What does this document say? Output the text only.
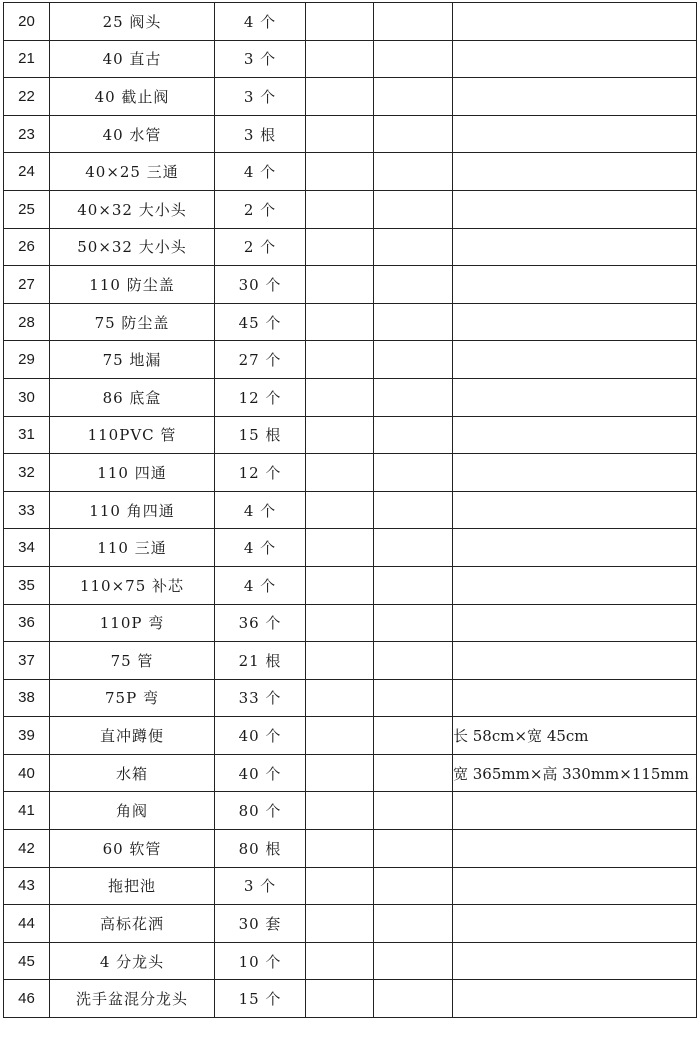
20	25 阀头	4 个			
21	40 直古	3 个			
22	40 截止阀	3 个			
23	40 水管	3 根			
24	40×25 三通	4 个			
25	40×32 大小头	2 个			
26	50×32 大小头	2 个			
27	110 防尘盖	30 个			
28	75 防尘盖	45 个			
29	75 地漏	27 个			
30	86 底盒	12 个			
31	110PVC 管	15 根			
32	110 四通	12 个			
33	110 角四通	4 个			
34	110 三通	4 个			
35	110×75 补芯	4 个			
36	110P 弯	36 个			
37	75 管	21 根			
38	75P 弯	33 个			
39	直冲蹲便	40 个			长 58cm×宽 45cm
40	水箱	40 个			宽 365mm×高 330mm×115mm
41	角阀	80 个			
42	60 软管	80 根			
43	拖把池	3 个			
44	高标花洒	30 套			
45	4 分龙头	10 个			
46	洗手盆混分龙头	15 个			
